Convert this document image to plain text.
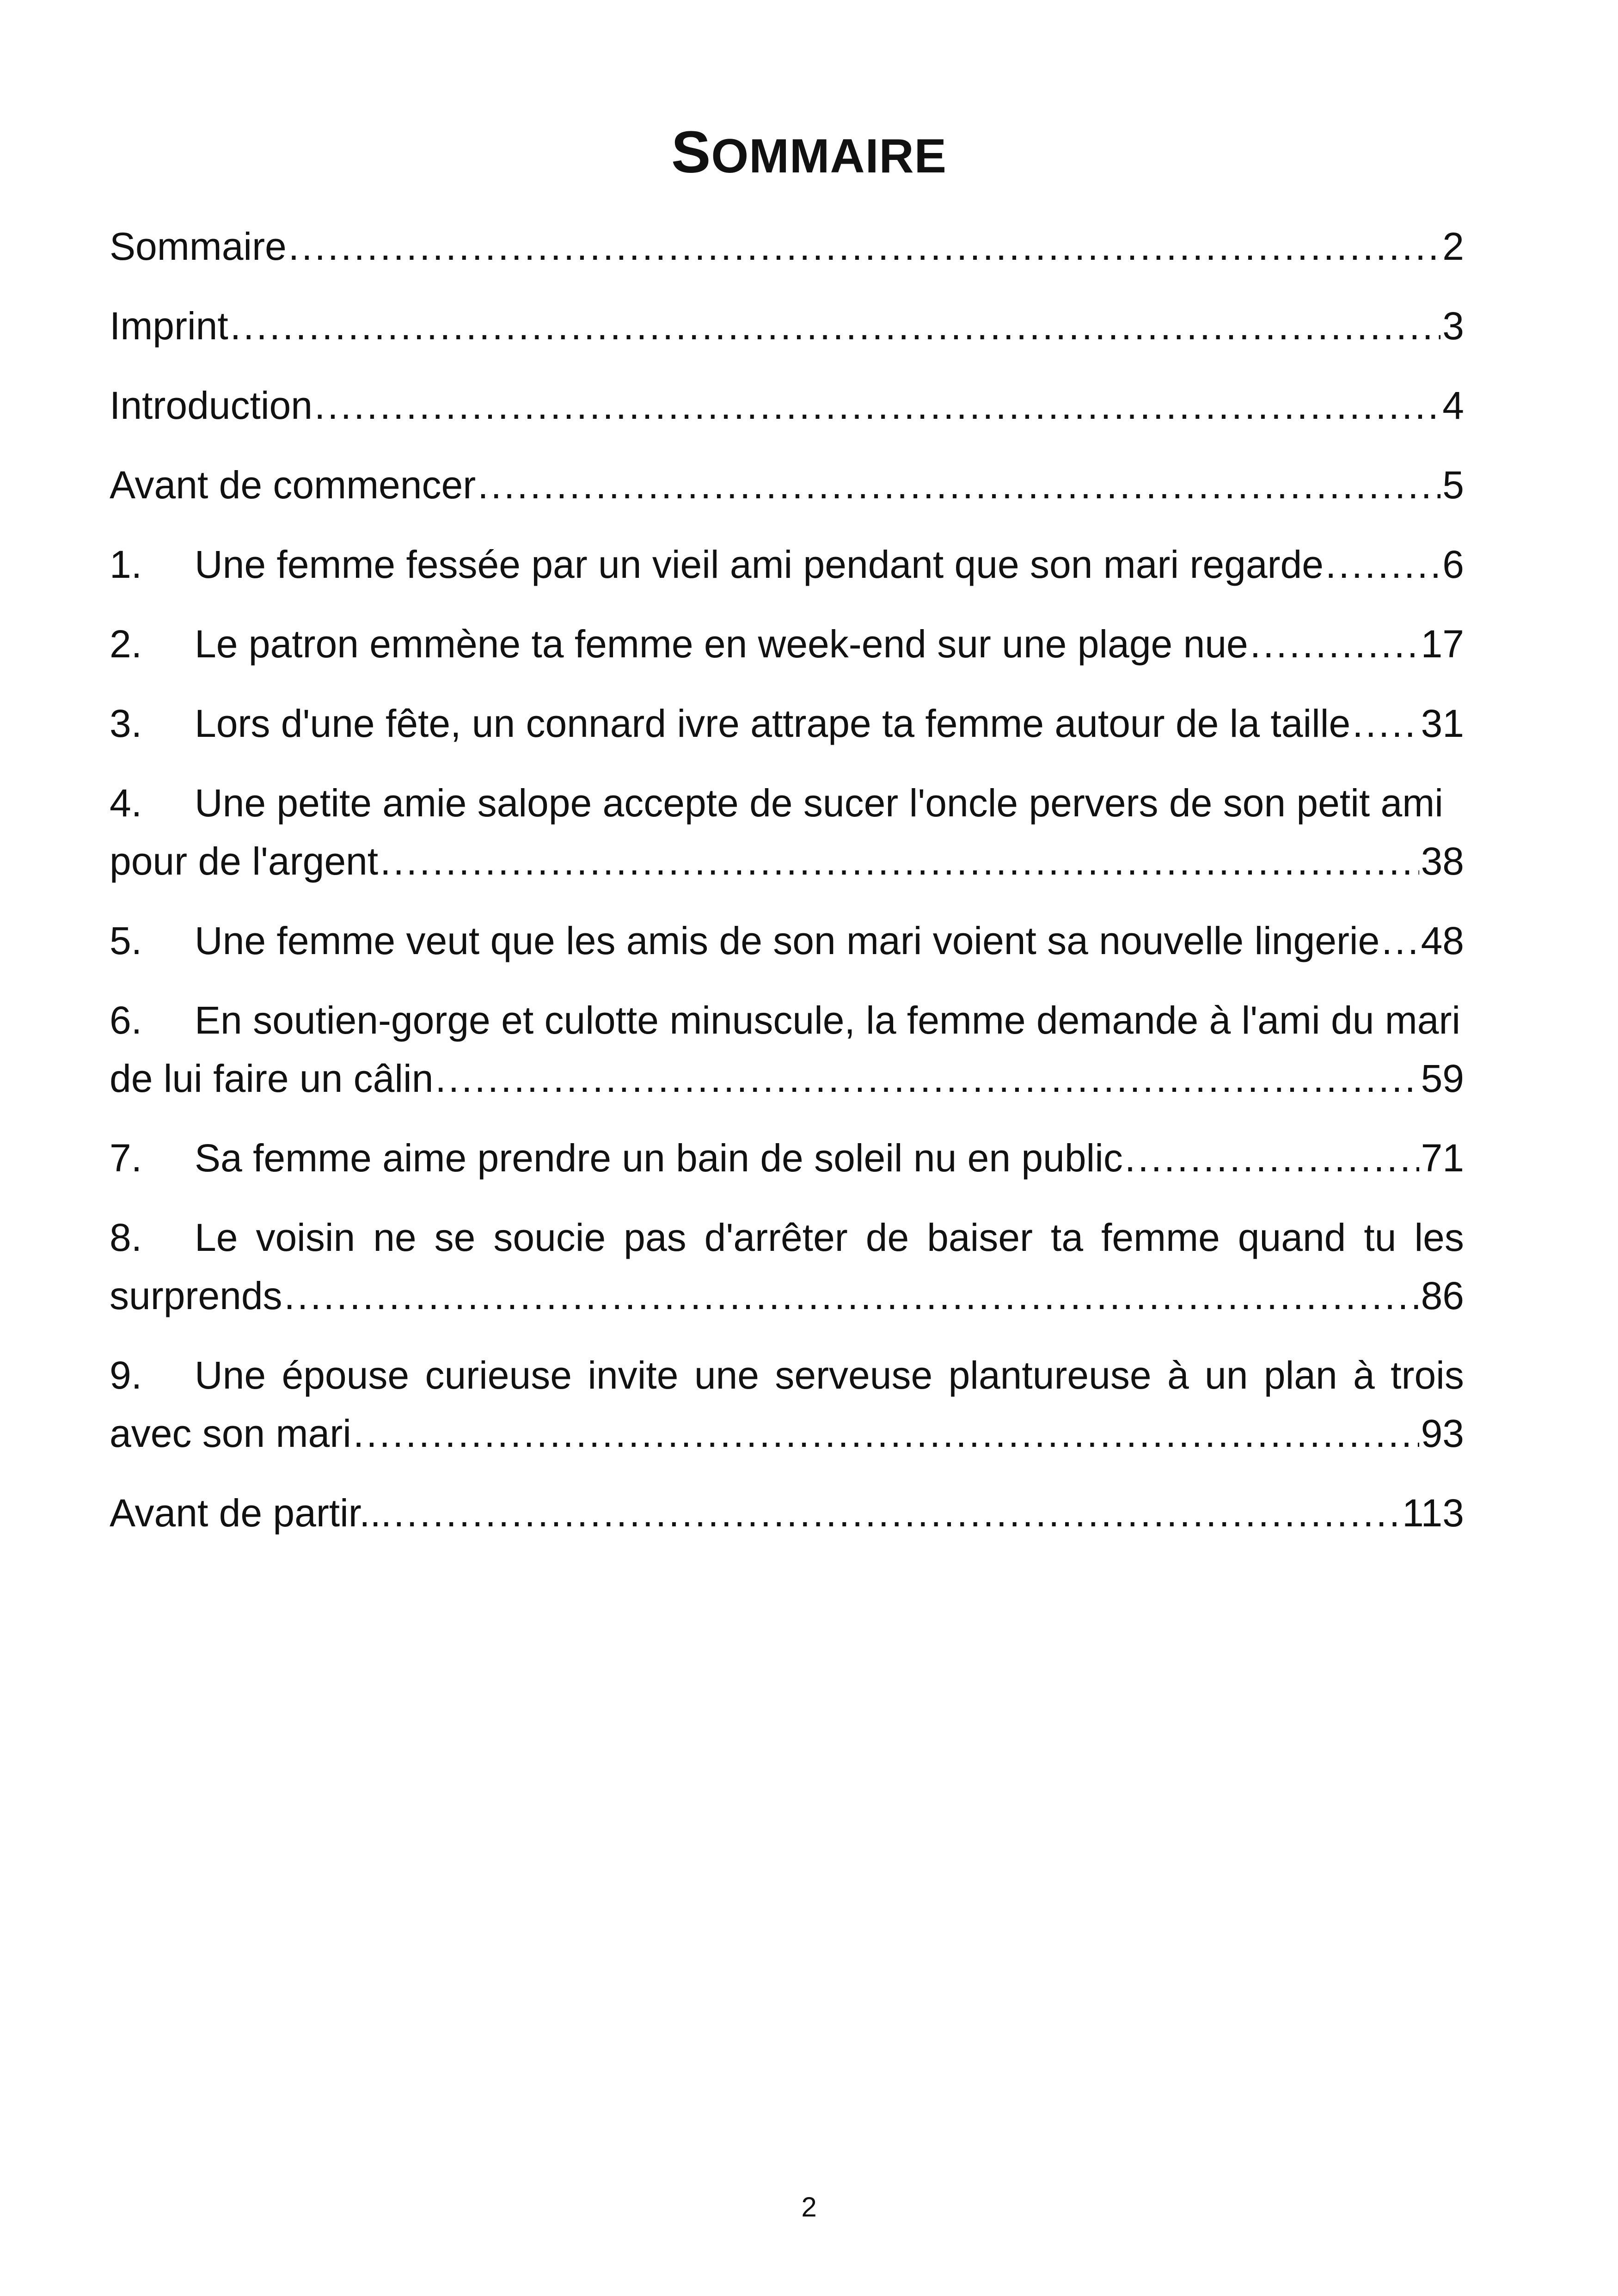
SOMMAIRE
Sommaire .....	2
Imprint .....	3
Introduction .....	4
Avant de commencer .....	5
1.	Une femme fessée par un vieil ami pendant que son mari regarde .....	6
2.	Le patron emmène ta femme en week-end sur une plage nue .....	17
3.	Lors d'une fête, un connard ivre attrape ta femme autour de la taille ..... 31
4.	Une petite amie salope accepte de sucer l'oncle pervers de son petit ami
pour de l'argent .....	38
5.	Une femme veut que les amis de son mari voient sa nouvelle lingerie ..... 48
6.	En soutien-gorge et culotte minuscule, la femme demande à l'ami du mari
de lui faire un câlin .....	59
7.	Sa femme aime prendre un bain de soleil nu en public .....	71
8.	Le voisin ne se soucie pas d'arrêter de baiser ta femme quand tu les
surprends .....	86
9.	Une épouse curieuse invite une serveuse plantureuse à un plan à trois
avec son mari .....	93
Avant de partir... .....	113
2
